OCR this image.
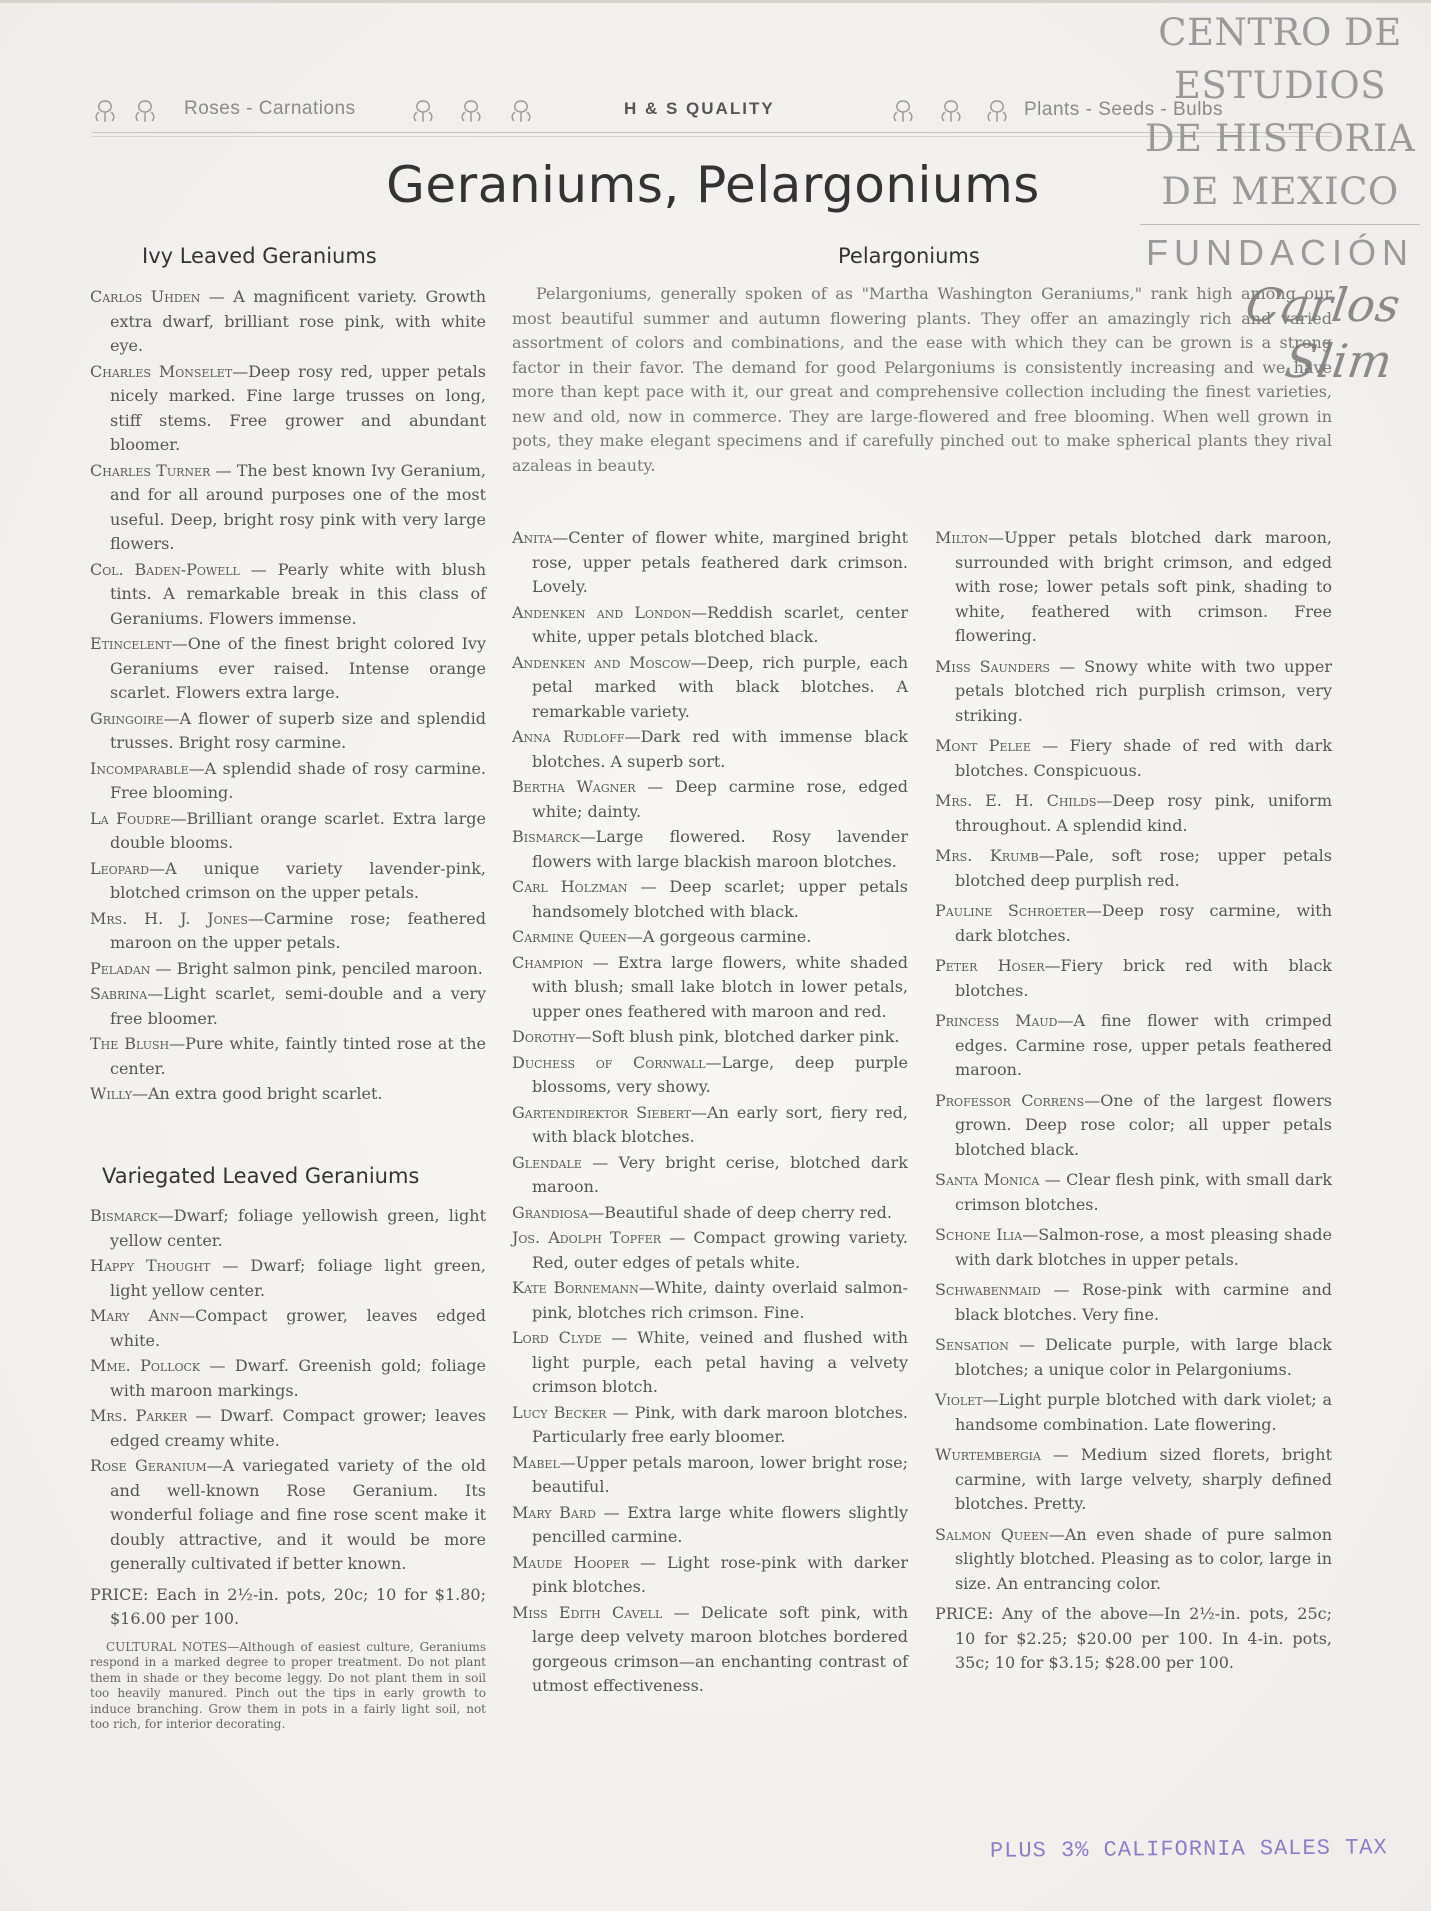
Roses - Carnations	H & S QUALITY	Plants - Seeds - Bulbs
CENTRO DE
ESTUDIOS
DE HISTORIA
DE MEXICO
FUNDACIÓN
Carlos Slim
Geraniums, Pelargoniums
Ivy Leaved Geraniums	Pelargoniums
Pelargoniums, generally spoken of as "Martha Washington Geraniums," rank high among our most beautiful summer and autumn flowering plants. They offer an amazingly rich and varied assortment of colors and combinations, and the ease with which they can be grown is a strong factor in their favor. The demand for good Pelargoniums is consistently increasing and we have more than kept pace with it, our great and comprehensive collection including the finest varieties, new and old, now in commerce. They are large-flowered and free blooming. When well grown in pots, they make elegant specimens and if carefully pinched out to make spherical plants they rival azaleas in beauty.
Carlos Uhden — A magnificent variety. Growth extra dwarf, brilliant rose pink, with white eye.
Charles Monselet—Deep rosy red, upper petals nicely marked. Fine large trusses on long, stiff stems. Free grower and abundant bloomer.
Charles Turner — The best known Ivy Geranium, and for all around purposes one of the most useful. Deep, bright rosy pink with very large flowers.
Col. Baden-Powell — Pearly white with blush tints. A remarkable break in this class of Geraniums. Flowers immense.
Etincelent—One of the finest bright colored Ivy Geraniums ever raised. Intense orange scarlet. Flowers extra large.
Gringoire—A flower of superb size and splendid trusses. Bright rosy carmine.
Incomparable—A splendid shade of rosy carmine. Free blooming.
La Foudre—Brilliant orange scarlet. Extra large double blooms.
Leopard—A unique variety lavender-pink, blotched crimson on the upper petals.
Mrs. H. J. Jones—Carmine rose; feathered maroon on the upper petals.
Peladan — Bright salmon pink, penciled maroon.
Sabrina—Light scarlet, semi-double and a very free bloomer.
The Blush—Pure white, faintly tinted rose at the center.
Willy—An extra good bright scarlet.
Variegated Leaved Geraniums
Bismarck—Dwarf; foliage yellowish green, light yellow center.
Happy Thought — Dwarf; foliage light green, light yellow center.
Mary Ann—Compact grower, leaves edged white.
Mme. Pollock — Dwarf. Greenish gold; foliage with maroon markings.
Mrs. Parker — Dwarf. Compact grower; leaves edged creamy white.
Rose Geranium—A variegated variety of the old and well-known Rose Geranium. Its wonderful foliage and fine rose scent make it doubly attractive, and it would be more generally cultivated if better known.
PRICE: Each in 2½-in. pots, 20c; 10 for $1.80; $16.00 per 100.
CULTURAL NOTES—Although of easiest culture, Geraniums respond in a marked degree to proper treatment. Do not plant them in shade or they become leggy. Do not plant them in soil too heavily manured. Pinch out the tips in early growth to induce branching. Grow them in pots in a fairly light soil, not too rich, for interior decorating.
Anita—Center of flower white, margined bright rose, upper petals feathered dark crimson. Lovely.
Andenken and London—Reddish scarlet, center white, upper petals blotched black.
Andenken and Moscow—Deep, rich purple, each petal marked with black blotches. A remarkable variety.
Anna Rudloff—Dark red with immense black blotches. A superb sort.
Bertha Wagner — Deep carmine rose, edged white; dainty.
Bismarck—Large flowered. Rosy lavender flowers with large blackish maroon blotches.
Carl Holzman — Deep scarlet; upper petals handsomely blotched with black.
Carmine Queen—A gorgeous carmine.
Champion — Extra large flowers, white shaded with blush; small lake blotch in lower petals, upper ones feathered with maroon and red.
Dorothy—Soft blush pink, blotched darker pink.
Duchess of Cornwall—Large, deep purple blossoms, very showy.
Gartendirektor Siebert—An early sort, fiery red, with black blotches.
Glendale — Very bright cerise, blotched dark maroon.
Grandiosa—Beautiful shade of deep cherry red.
Jos. Adolph Topfer — Compact growing variety. Red, outer edges of petals white.
Kate Bornemann—White, dainty overlaid salmon-pink, blotches rich crimson. Fine.
Lord Clyde — White, veined and flushed with light purple, each petal having a velvety crimson blotch.
Lucy Becker — Pink, with dark maroon blotches. Particularly free early bloomer.
Mabel—Upper petals maroon, lower bright rose; beautiful.
Mary Bard — Extra large white flowers slightly pencilled carmine.
Maude Hooper — Light rose-pink with darker pink blotches.
Miss Edith Cavell — Delicate soft pink, with large deep velvety maroon blotches bordered gorgeous crimson—an enchanting contrast of utmost effectiveness.
Milton—Upper petals blotched dark maroon, surrounded with bright crimson, and edged with rose; lower petals soft pink, shading to white, feathered with crimson. Free flowering.
Miss Saunders — Snowy white with two upper petals blotched rich purplish crimson, very striking.
Mont Pelee — Fiery shade of red with dark blotches. Conspicuous.
Mrs. E. H. Childs—Deep rosy pink, uniform throughout. A splendid kind.
Mrs. Krumb—Pale, soft rose; upper petals blotched deep purplish red.
Pauline Schroeter—Deep rosy carmine, with dark blotches.
Peter Hoser—Fiery brick red with black blotches.
Princess Maud—A fine flower with crimped edges. Carmine rose, upper petals feathered maroon.
Professor Correns—One of the largest flowers grown. Deep rose color; all upper petals blotched black.
Santa Monica — Clear flesh pink, with small dark crimson blotches.
Schone Ilia—Salmon-rose, a most pleasing shade with dark blotches in upper petals.
Schwabenmaid — Rose-pink with carmine and black blotches. Very fine.
Sensation — Delicate purple, with large black blotches; a unique color in Pelargoniums.
Violet—Light purple blotched with dark violet; a handsome combination. Late flowering.
Wurtembergia — Medium sized florets, bright carmine, with large velvety, sharply defined blotches. Pretty.
Salmon Queen—An even shade of pure salmon slightly blotched. Pleasing as to color, large in size. An entrancing color.
PRICE: Any of the above—In 2½-in. pots, 25c; 10 for $2.25; $20.00 per 100. In 4-in. pots, 35c; 10 for $3.15; $28.00 per 100.
PLUS 3% CALIFORNIA SALES TAX
